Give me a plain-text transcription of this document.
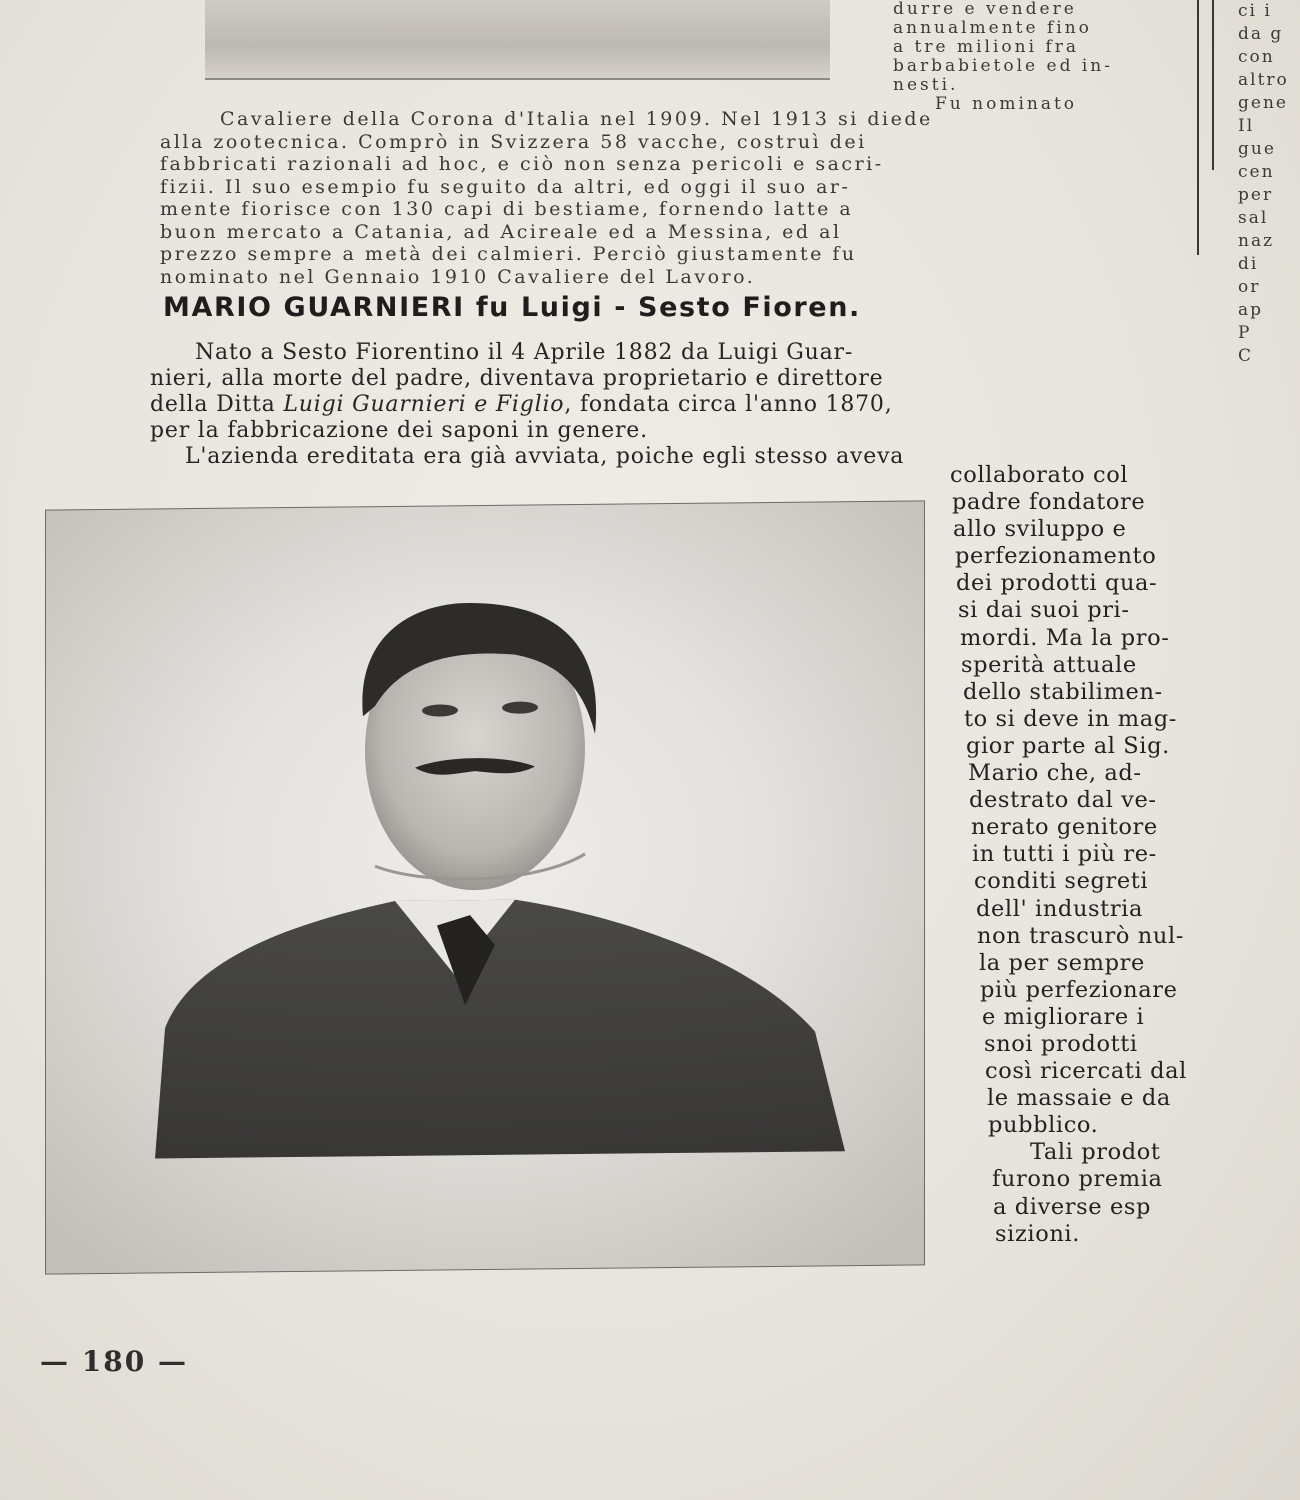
durre e vendere
annualmente fino
a tre milioni fra
barbabietole ed in-
nesti.
Fu nominato
ci i
da g
con
altro
gene
Il
gue
cen
per
sal
naz
di
or
ap
P
C
Cavaliere della Corona d'Italia nel 1909. Nel 1913 si diede
alla zootecnica. Comprò in Svizzera 58 vacche, costruì dei
fabbricati razionali ad hoc, e ciò non senza pericoli e sacri-
fizii. Il suo esempio fu seguito da altri, ed oggi il suo ar-
mente fiorisce con 130 capi di bestiame, fornendo latte a
buon mercato a Catania, ad Acireale ed a Messina, ed al
prezzo sempre a metà dei calmieri. Perciò giustamente fu
nominato nel Gennaio 1910 Cavaliere del Lavoro.
MARIO GUARNIERI fu Luigi - Sesto Fioren.
Nato a Sesto Fiorentino il 4 Aprile 1882 da Luigi Guar-
nieri, alla morte del padre, diventava proprietario e direttore
della Ditta Luigi Guarnieri e Figlio, fondata circa l'anno 1870,
per la fabbricazione dei saponi in genere.
L'azienda ereditata era già avviata, poiche egli stesso aveva
collaborato col
padre fondatore
allo sviluppo e
perfezionamento
dei prodotti qua-
si dai suoi pri-
mordi. Ma la pro-
sperità attuale
dello stabilimen-
to si deve in mag-
gior parte al Sig.
Mario che, ad-
destrato dal ve-
nerato genitore
in tutti i più re-
conditi segreti
dell' industria
non trascurò nul-
la per sempre
più perfezionare
e migliorare i
snoi prodotti
così ricercati dal
le massaie e da
pubblico.
Tali prodot
furono premia
a diverse esp
sizioni.
— 180 —
